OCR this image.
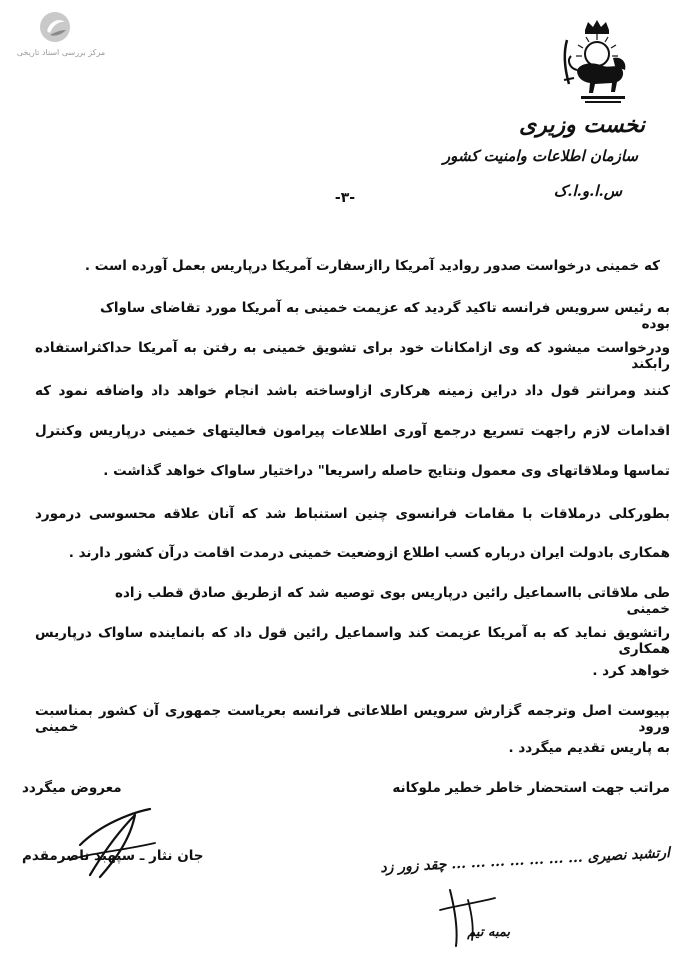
مرکز بررسی اسناد تاریخی
نخست وزیری
سازمان اطلاعات وامنیت کشور
س.ا.و.ا.ک
-۳-
که خمینی درخواست صدور روادید آمریکا راازسفارت آمریکا درپاریس بعمل آورده است .
به رئیس سرویس فرانسه تاکید گردید که عزیمت خمینی به آمریکا مورد تقاضای ساواک بوده
ودرخواست میشود که وی ازامکانات خود برای تشویق خمینی به رفتن به آمریکا حداکثراستفاده رابکند
کنند ومرانتر قول داد دراین زمینه هرکاری ازاوساخته باشد انجام خواهد داد واضافه نمود که
اقدامات لازم راجهت تسریع درجمع آوری اطلاعات پیرامون فعالیتهای خمینی درپاریس وکنترل
تماسها وملاقاتهای وی معمول ونتایج حاصله راسریعا" دراختیار ساواک خواهد گذاشت .
بطورکلی درملاقات با مقامات فرانسوی چنین استنباط شد که آنان علاقه محسوسی درمورد
همکاری بادولت ایران درباره کسب اطلاع ازوضعیت خمینی درمدت اقامت درآن کشور دارند .
طی ملاقاتی بااسماعیل رائین درپاریس بوی توصیه شد که ازطریق صادق قطب زاده خمینی
راتشویق نماید که به آمریکا عزیمت کند واسماعیل رائین قول داد که بانماینده ساواک درپاریس همکاری
خواهد کرد .
بپیوست اصل وترجمه گزارش سرویس اطلاعاتی فرانسه بعریاست جمهوری آن کشور بمناسبت ورود خمینی
به پاریس تقدیم میگردد .
مراتب جهت استحضار خاطر خطیر ملوکانه
معروض میگردد
جان نثار ـ سپهبد ناصرمقدم	ارتشبد نصیری ... ... ... ... ... ... ... چقد زور زد
بمبه تیم
